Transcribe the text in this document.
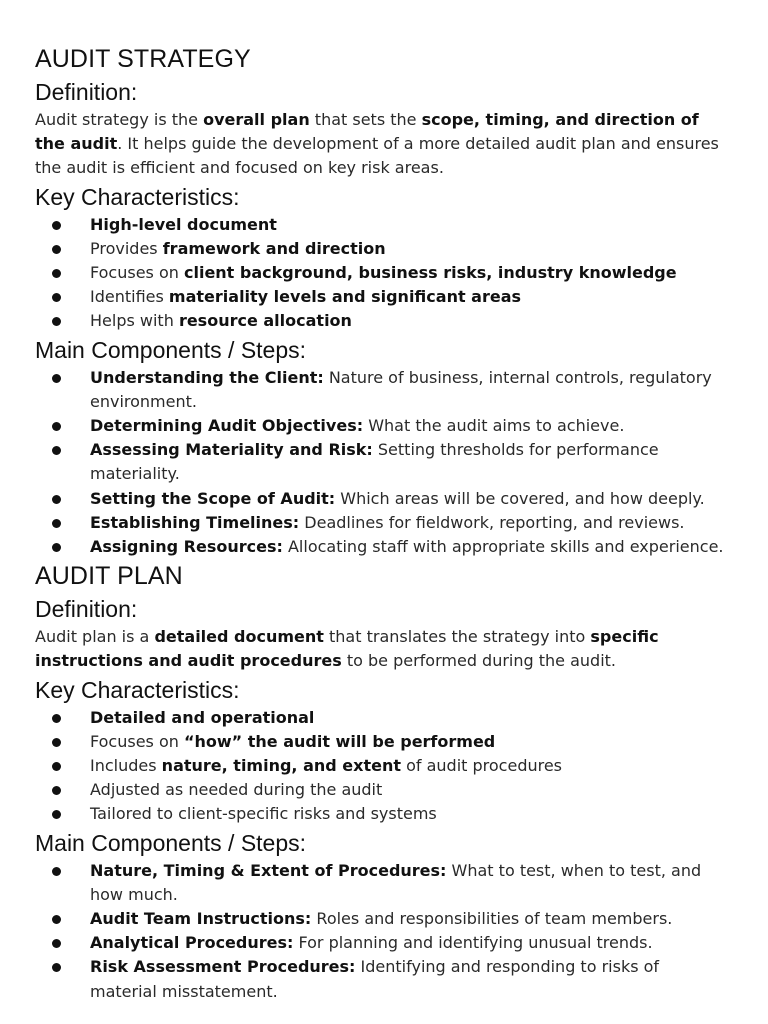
AUDIT STRATEGY
Definition:

Audit strategy is the overall plan that sets the scope, timing, and direction of the audit. It helps guide the development of a more detailed audit plan and ensures the audit is efficient and focused on key risk areas.

Key Characteristics:
High-level document
Provides framework and direction
Focuses on client background, business risks, industry knowledge
Identifies materiality levels and significant areas
Helps with resource allocation
Main Components / Steps:
Understanding the Client: Nature of business, internal controls, regulatory environment.
Determining Audit Objectives: What the audit aims to achieve.
Assessing Materiality and Risk: Setting thresholds for performance materiality.
Setting the Scope of Audit: Which areas will be covered, and how deeply.
Establishing Timelines: Deadlines for fieldwork, reporting, and reviews.
Assigning Resources: Allocating staff with appropriate skills and experience.
AUDIT PLAN
Definition:

Audit plan is a detailed document that translates the strategy into specific instructions and audit procedures to be performed during the audit.

Key Characteristics:
Detailed and operational
Focuses on “how” the audit will be performed
Includes nature, timing, and extent of audit procedures
Adjusted as needed during the audit
Tailored to client-specific risks and systems
Main Components / Steps:
Nature, Timing & Extent of Procedures: What to test, when to test, and how much.
Audit Team Instructions: Roles and responsibilities of team members.
Analytical Procedures: For planning and identifying unusual trends.
Risk Assessment Procedures: Identifying and responding to risks of material misstatement.
